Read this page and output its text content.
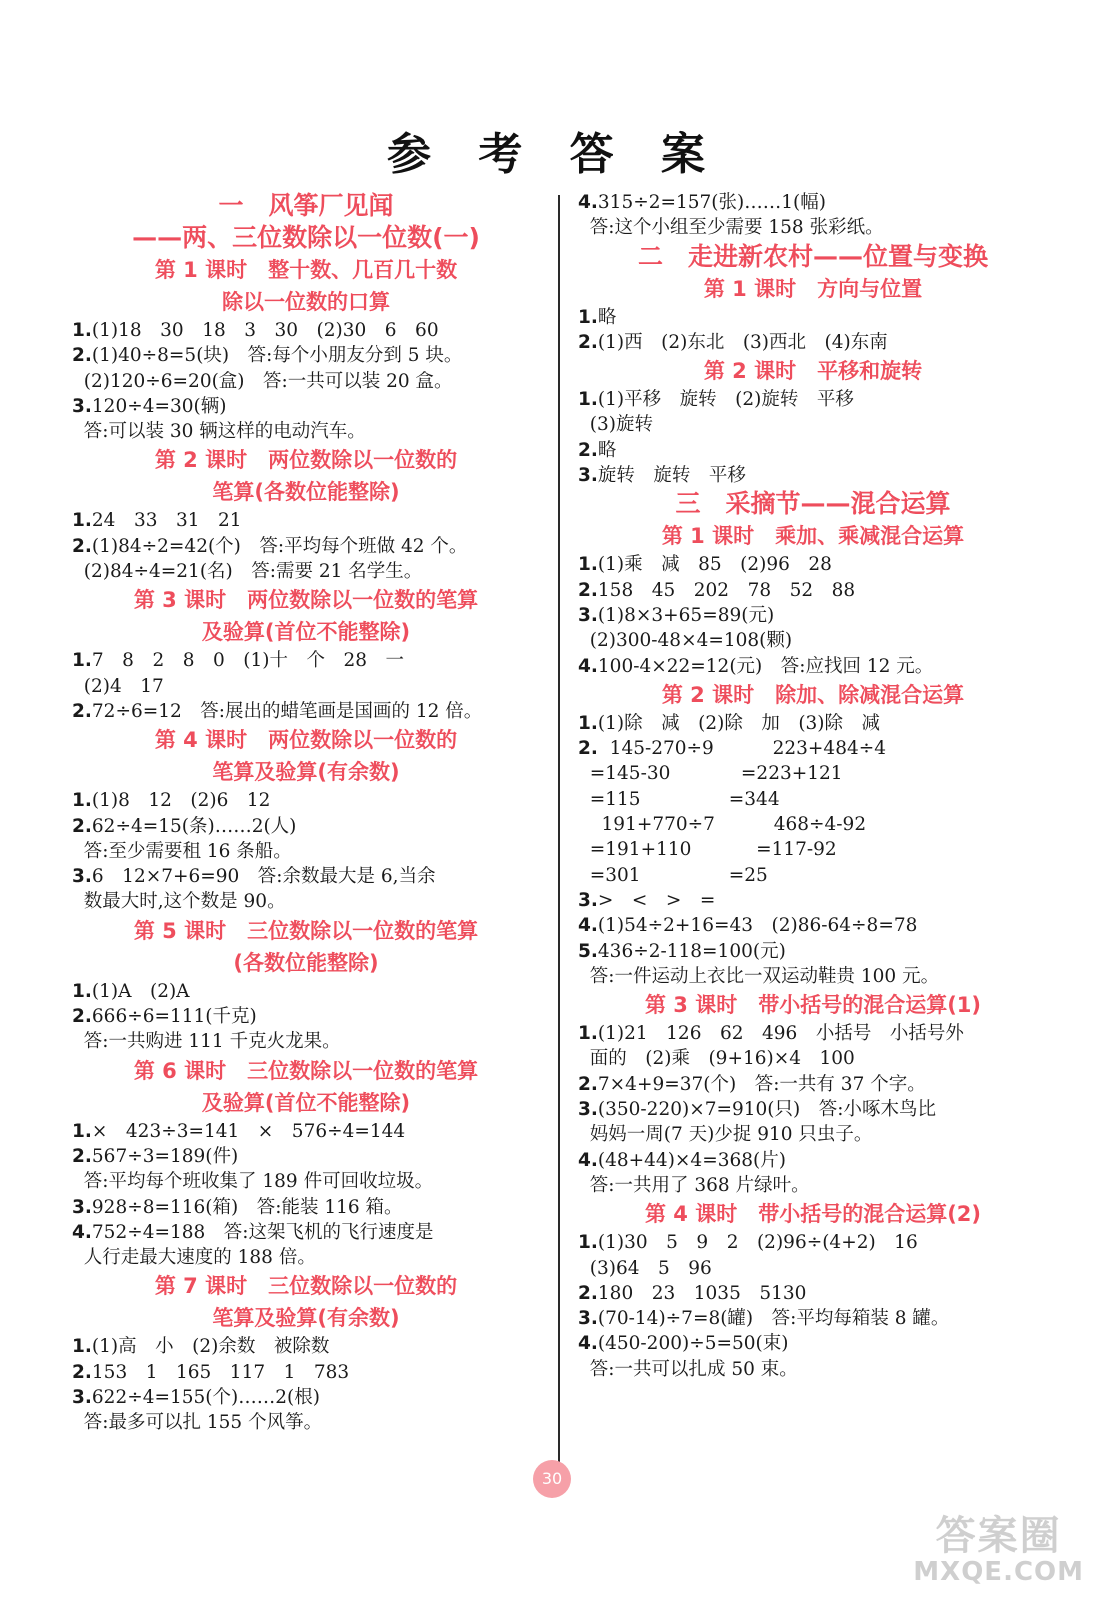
参 考 答 案
一　风筝厂见闻
——两、三位数除以一位数(一)
第 1 课时　整十数、几百几十数
除以一位数的口算
1.(1)18　30　18　3　30　(2)30　6　60
2.(1)40÷8=5(块)　答:每个小朋友分到 5 块。
(2)120÷6=20(盒)　答:一共可以装 20 盒。
3.120÷4=30(辆)
答:可以装 30 辆这样的电动汽车。
第 2 课时　两位数除以一位数的
笔算(各数位能整除)
1.24　33　31　21
2.(1)84÷2=42(个)　答:平均每个班做 42 个。
(2)84÷4=21(名)　答:需要 21 名学生。
第 3 课时　两位数除以一位数的笔算
及验算(首位不能整除)
1.7　8　2　8　0　(1)十　个　28　一
(2)4　17
2.72÷6=12　答:展出的蜡笔画是国画的 12 倍。
第 4 课时　两位数除以一位数的
笔算及验算(有余数)
1.(1)8　12　(2)6　12
2.62÷4=15(条)……2(人)
答:至少需要租 16 条船。
3.6　12×7+6=90　答:余数最大是 6,当余
数最大时,这个数是 90。
第 5 课时　三位数除以一位数的笔算
(各数位能整除)
1.(1)A　(2)A
2.666÷6=111(千克)
答:一共购进 111 千克火龙果。
第 6 课时　三位数除以一位数的笔算
及验算(首位不能整除)
1.×　423÷3=141　×　576÷4=144
2.567÷3=189(件)
答:平均每个班收集了 189 件可回收垃圾。
3.928÷8=116(箱)　答:能装 116 箱。
4.752÷4=188　答:这架飞机的飞行速度是
人行走最大速度的 188 倍。
第 7 课时　三位数除以一位数的
笔算及验算(有余数)
1.(1)高　小　(2)余数　被除数
2.153　1　165　117　1　783
3.622÷4=155(个)……2(根)
答:最多可以扎 155 个风筝。
4.315÷2=157(张)……1(幅)
答:这个小组至少需要 158 张彩纸。
二　走进新农村——位置与变换
第 1 课时　方向与位置
1.略
2.(1)西　(2)东北　(3)西北　(4)东南
第 2 课时　平移和旋转
1.(1)平移　旋转　(2)旋转　平移
(3)旋转
2.略
3.旋转　旋转　平移
三　采摘节——混合运算
第 1 课时　乘加、乘减混合运算
1.(1)乘　减　85　(2)96　28
2.158　45　202　78　52　88
3.(1)8×3+65=89(元)
(2)300-48×4=108(颗)
4.100-4×22=12(元)　答:应找回 12 元。
第 2 课时　除加、除减混合运算
1.(1)除　减　(2)除　加　(3)除　减
2.  145-270÷9          223+484÷4
=145-30            =223+121
=115               =344
191+770÷7          468÷4-92
=191+110           =117-92
=301               =25
3.>　<　>　=
4.(1)54÷2+16=43　(2)86-64÷8=78
5.436÷2-118=100(元)
答:一件运动上衣比一双运动鞋贵 100 元。
第 3 课时　带小括号的混合运算(1)
1.(1)21　126　62　496　小括号　小括号外
面的　(2)乘　(9+16)×4　100
2.7×4+9=37(个)　答:一共有 37 个字。
3.(350-220)×7=910(只)　答:小啄木鸟比
妈妈一周(7 天)少捉 910 只虫子。
4.(48+44)×4=368(片)
答:一共用了 368 片绿叶。
第 4 课时　带小括号的混合运算(2)
1.(1)30　5　9　2　(2)96÷(4+2)　16
(3)64　5　96
2.180　23　1035　5130
3.(70-14)÷7=8(罐)　答:平均每箱装 8 罐。
4.(450-200)÷5=50(束)
答:一共可以扎成 50 束。
30
答案圈
MXQE.COM
